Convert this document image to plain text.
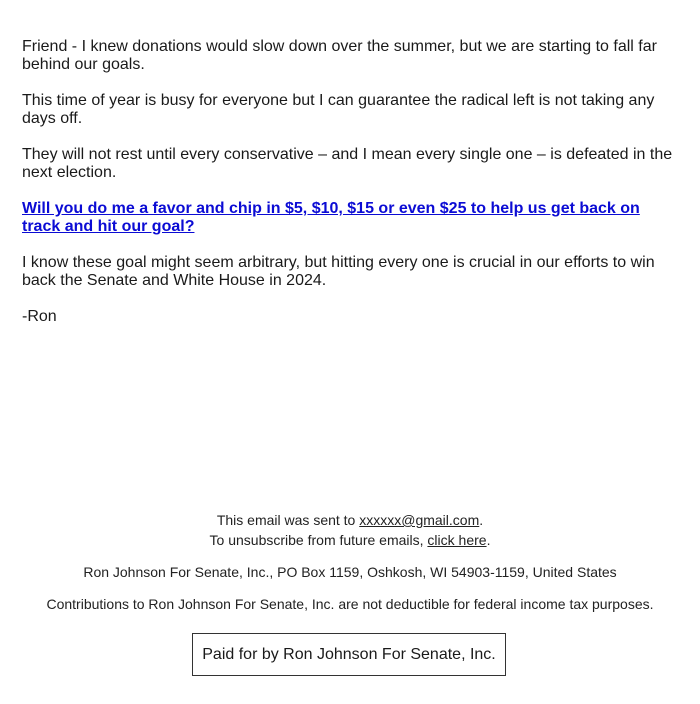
Friend - I knew donations would slow down over the summer, but we are starting to fall far behind our goals.

This time of year is busy for everyone but I can guarantee the radical left is not taking any days off.

They will not rest until every conservative – and I mean every single one – is defeated in the next election.

Will you do me a favor and chip in $5, $10, $15 or even $25 to help us get back on track and hit our goal?

I know these goal might seem arbitrary, but hitting every one is crucial in our efforts to win back the Senate and White House in 2024.

-Ron

This email was sent to xxxxxx@gmail.com.

To unsubscribe from future emails, click here.

Ron Johnson For Senate, Inc., PO Box 1159, Oshkosh, WI 54903-1159, United States

Contributions to Ron Johnson For Senate, Inc. are not deductible for federal income tax purposes.

Paid for by Ron Johnson For Senate, Inc.
